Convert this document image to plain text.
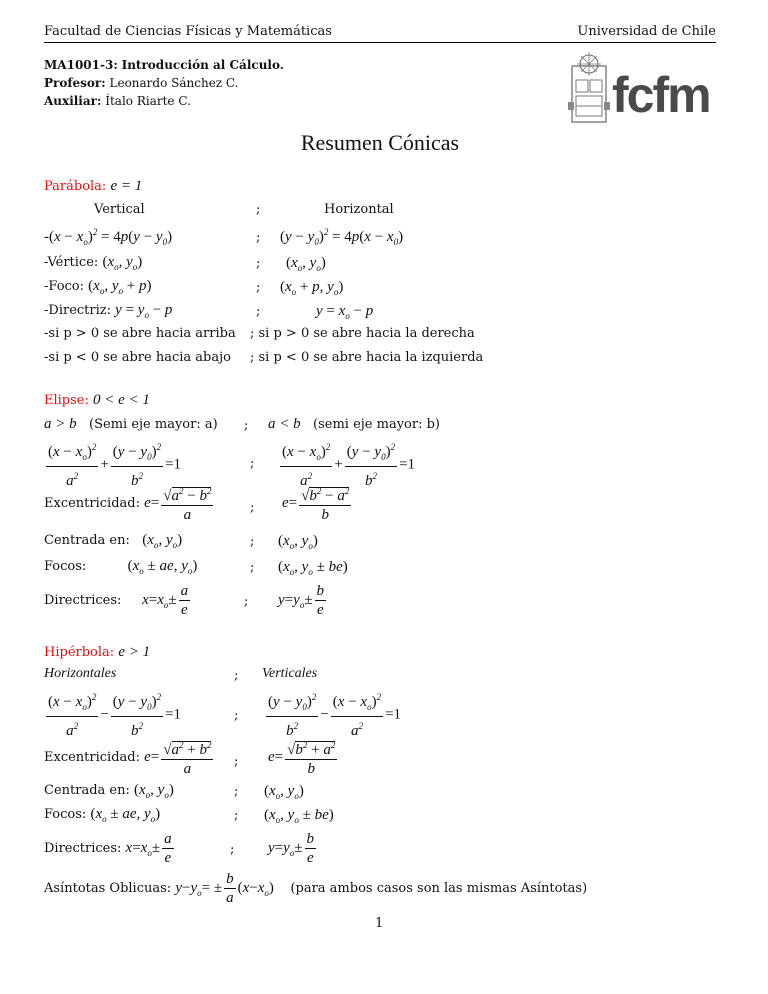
Facultad de Ciencias Físicas y Matemáticas	Universidad de Chile
MA1001-3: Introducción al Cálculo.
Profesor: Leonardo Sánchez C.
Auxiliar: Ítalo Riarte C.	fcfm
Resumen Cónicas
Parábola: e = 1
Vertical	;	Horizontal
$-(x - x_o)^2 = 4p(y - y_0)$	; $(y - y_0)^2 = 4p(x - x_0)$
-Vértice: ($x_o$, $y_o$)	; ($x_o$, $y_o$)
-Foco: ($x_o$, $y_o + p$)	; ($x_o + p$, $y_o$)
-Directriz: $y = y_o - p$	;	$y = x_o - p$
-si p > 0 se abre hacia arriba ; si p > 0 se abre hacia la derecha
-si p < 0 se abre hacia abajo ; si p < 0 se abre hacia la izquierda
Elipse: 0 < e < 1
a > b (Semi eje mayor: a) ; a < b (semi eje mayor: b)
$\frac{(x - x_o)^2}{a^2} + \frac{(y - y_0)^2}{b^2} =1$	; $\frac{(x - x_o)^2}{a^2} + \frac{(y - y_0)^2}{b^2} =1$
Excentricidad: $e= \frac{√a^2 - b^2}{a}$	; $e= \frac{√b^2 - a^2}{b}$
Centrada en: ($x_o$, $y_o$)	; ($x_o$, $y_o$)
Focos:	($x_o$ ± ae, $y_o$)	; ($x_o$, $y_o \pm be$)
Directrices: $x=x_o\pm \frac{a}{e}$	; $y=y_o\pm \frac{b}{e}$
Hipérbola: e > 1
Horizontales	; Verticales
$\frac{(x - x_o)^2}{a^2} - \frac{(y - y_0)^2}{b^2} =1$	; $\frac{(y - y_0)^2}{b^2} - \frac{(x - x_o)^2}{a^2} =1$
Excentricidad: $e= \frac{√a^2 + b^2}{a}$ ; $e= \frac{√b^2 + a^2}{b}$
Centrada en: ($x_o$, $y_o$)	; ($x_o$, $y_o$)
Focos: ($x_o$ ± ae, $y_o$)	; ($x_o$, $y_o \pm be$)
Directrices: $x=x_o\pm \frac{a}{e}$	; $y=y_o\pm \frac{b}{e}$
Asíntotas Oblicuas: $y-y_o= \pm \frac{b}{a} (x-x_o)$ (para ambos casos son las mismas Asíntotas)
1
